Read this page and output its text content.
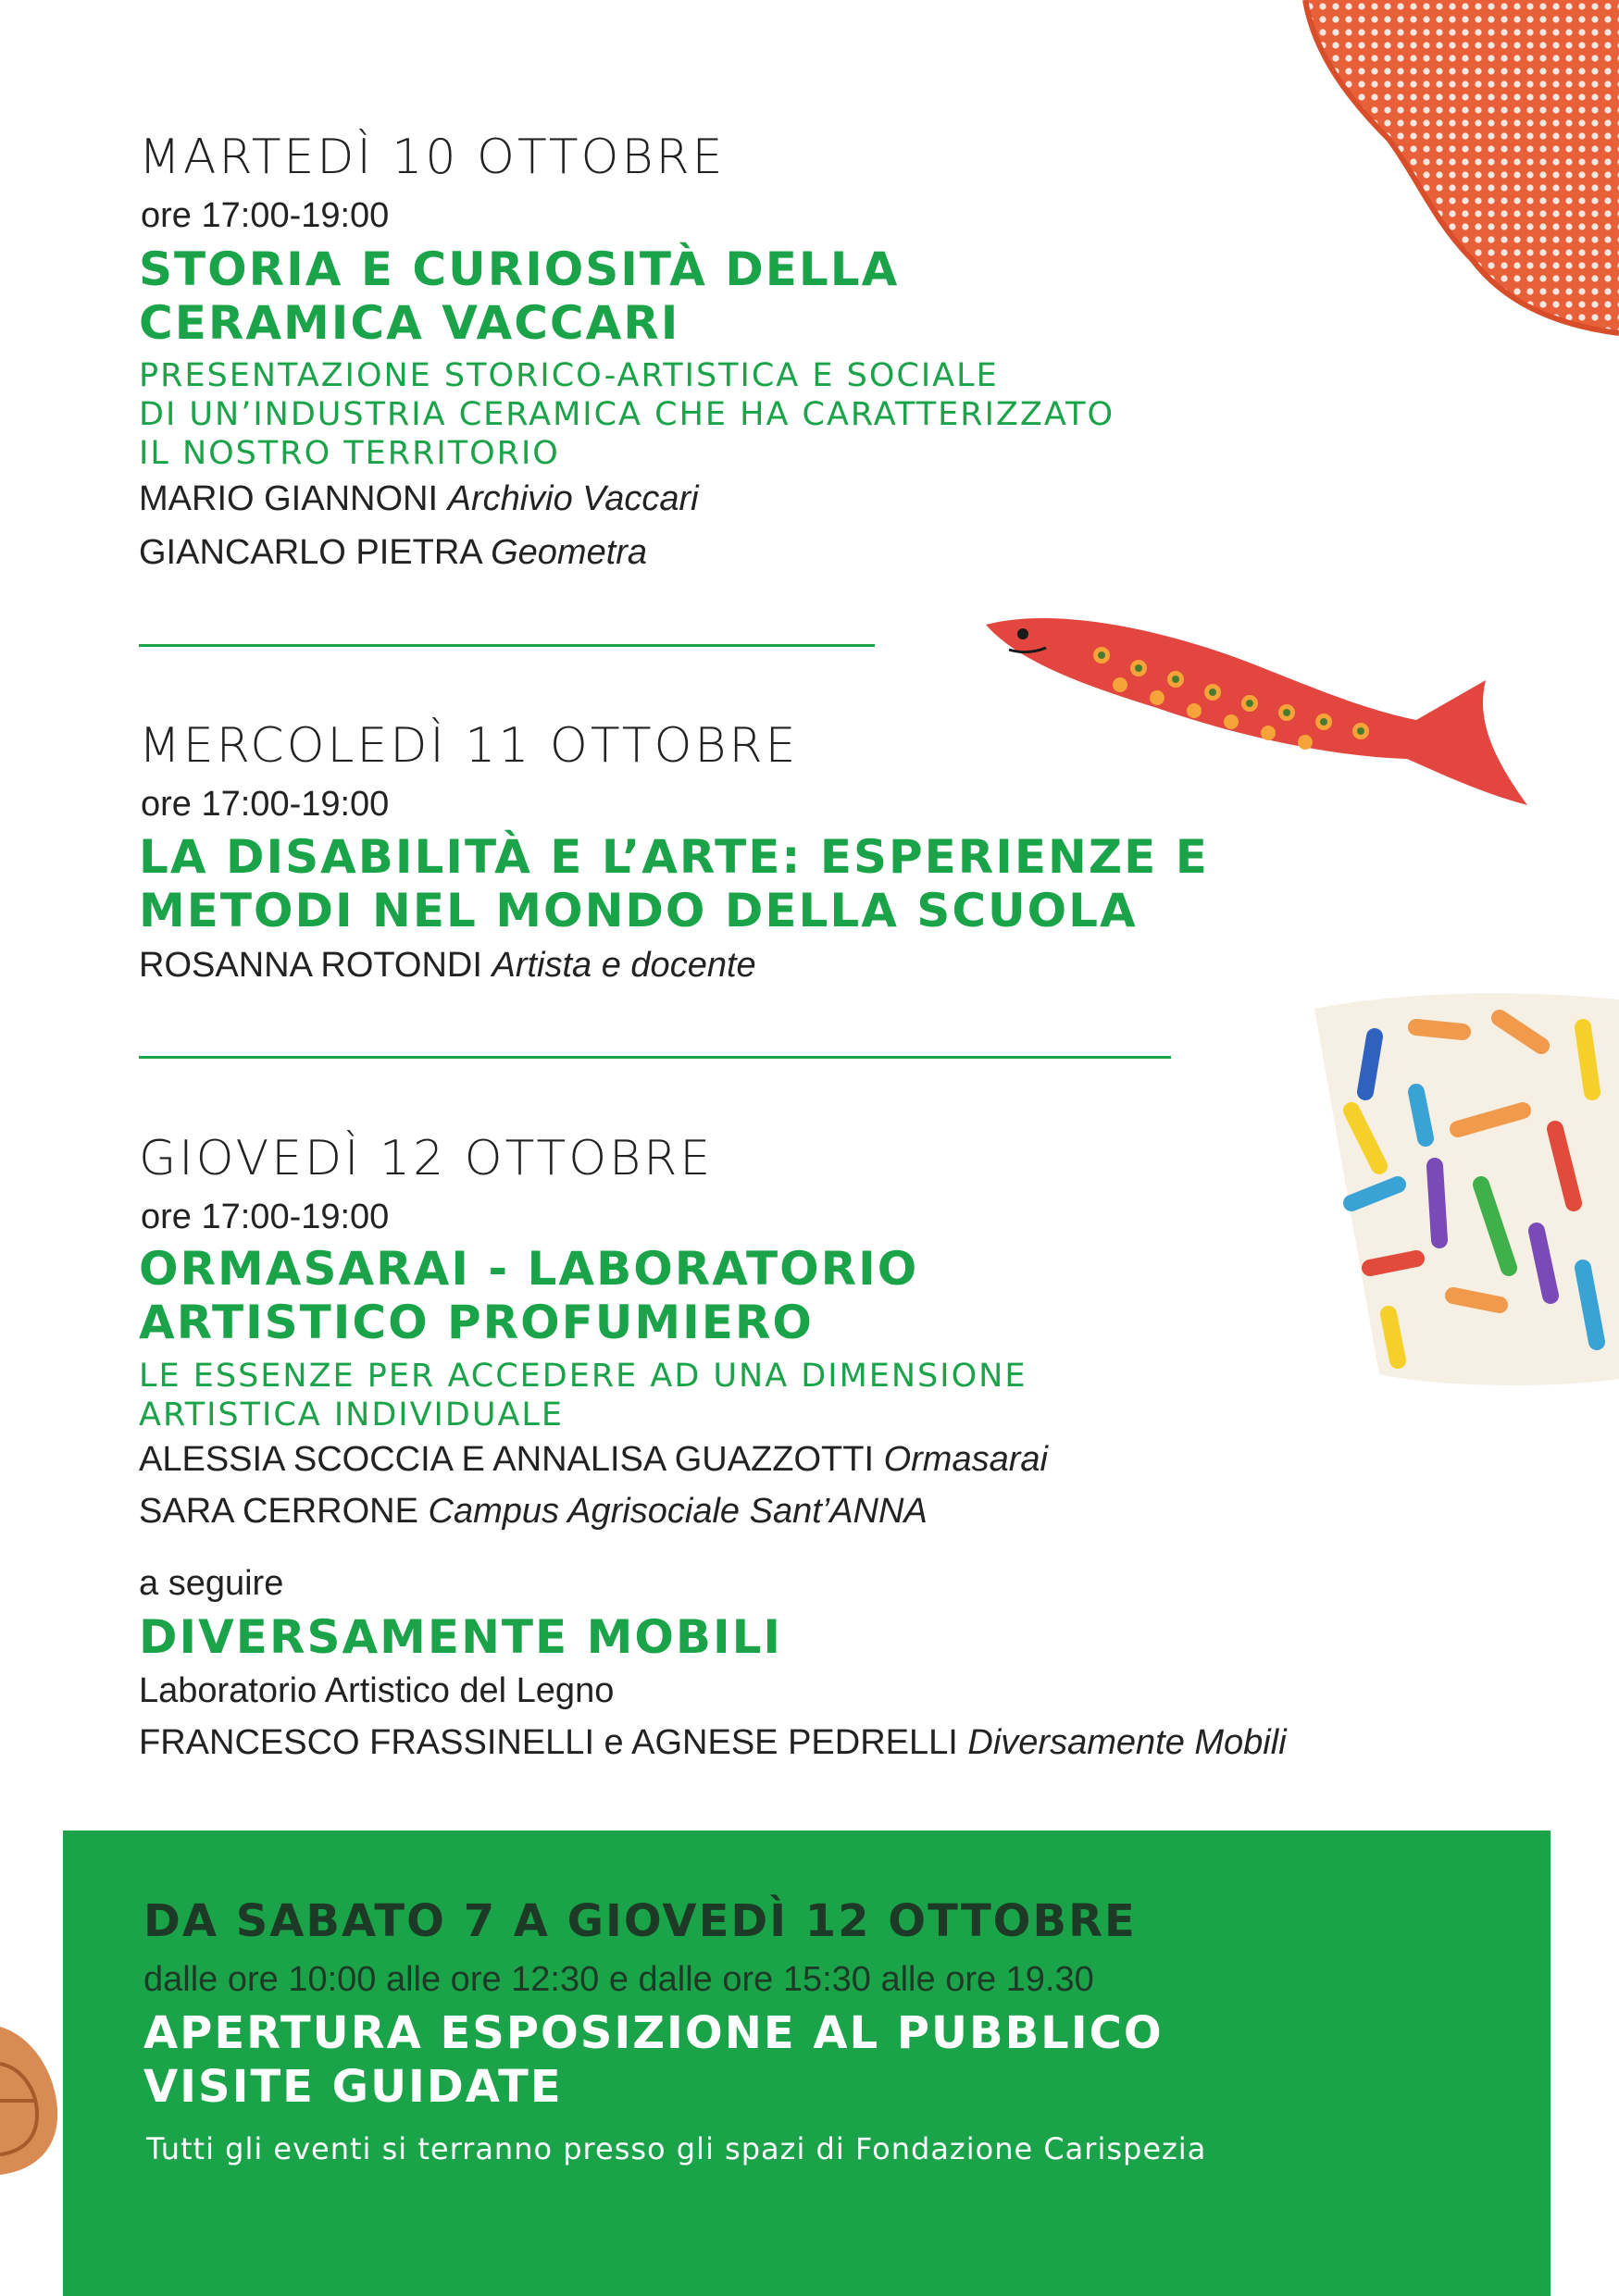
MARTEDÌ 10 OTTOBRE
ore 17:00-19:00
STORIA E CURIOSITÀ DELLA
CERAMICA VACCARI
PRESENTAZIONE STORICO-ARTISTICA E SOCIALE
DI UN’INDUSTRIA CERAMICA CHE HA CARATTERIZZATO
IL NOSTRO TERRITORIO
MARIO GIANNONI Archivio Vaccari
GIANCARLO PIETRA Geometra
MERCOLEDÌ 11 OTTOBRE
ore 17:00-19:00
LA DISABILITÀ E L’ARTE: ESPERIENZE E
METODI NEL MONDO DELLA SCUOLA
ROSANNA ROTONDI Artista e docente
GIOVEDÌ 12 OTTOBRE
ore 17:00-19:00
ORMASARAI - LABORATORIO
ARTISTICO PROFUMIERO
LE ESSENZE PER ACCEDERE AD UNA DIMENSIONE
ARTISTICA INDIVIDUALE
ALESSIA SCOCCIA E ANNALISA GUAZZOTTI Ormasarai
SARA CERRONE Campus Agrisociale Sant’ANNA
a seguire
DIVERSAMENTE MOBILI
Laboratorio Artistico del Legno
FRANCESCO FRASSINELLI e AGNESE PEDRELLI Diversamente Mobili
DA SABATO 7 A GIOVEDÌ 12 OTTOBRE
dalle ore 10:00 alle ore 12:30 e dalle ore 15:30 alle ore 19.30
APERTURA ESPOSIZIONE AL PUBBLICO
VISITE GUIDATE
Tutti gli eventi si terranno presso gli spazi di Fondazione Carispezia
